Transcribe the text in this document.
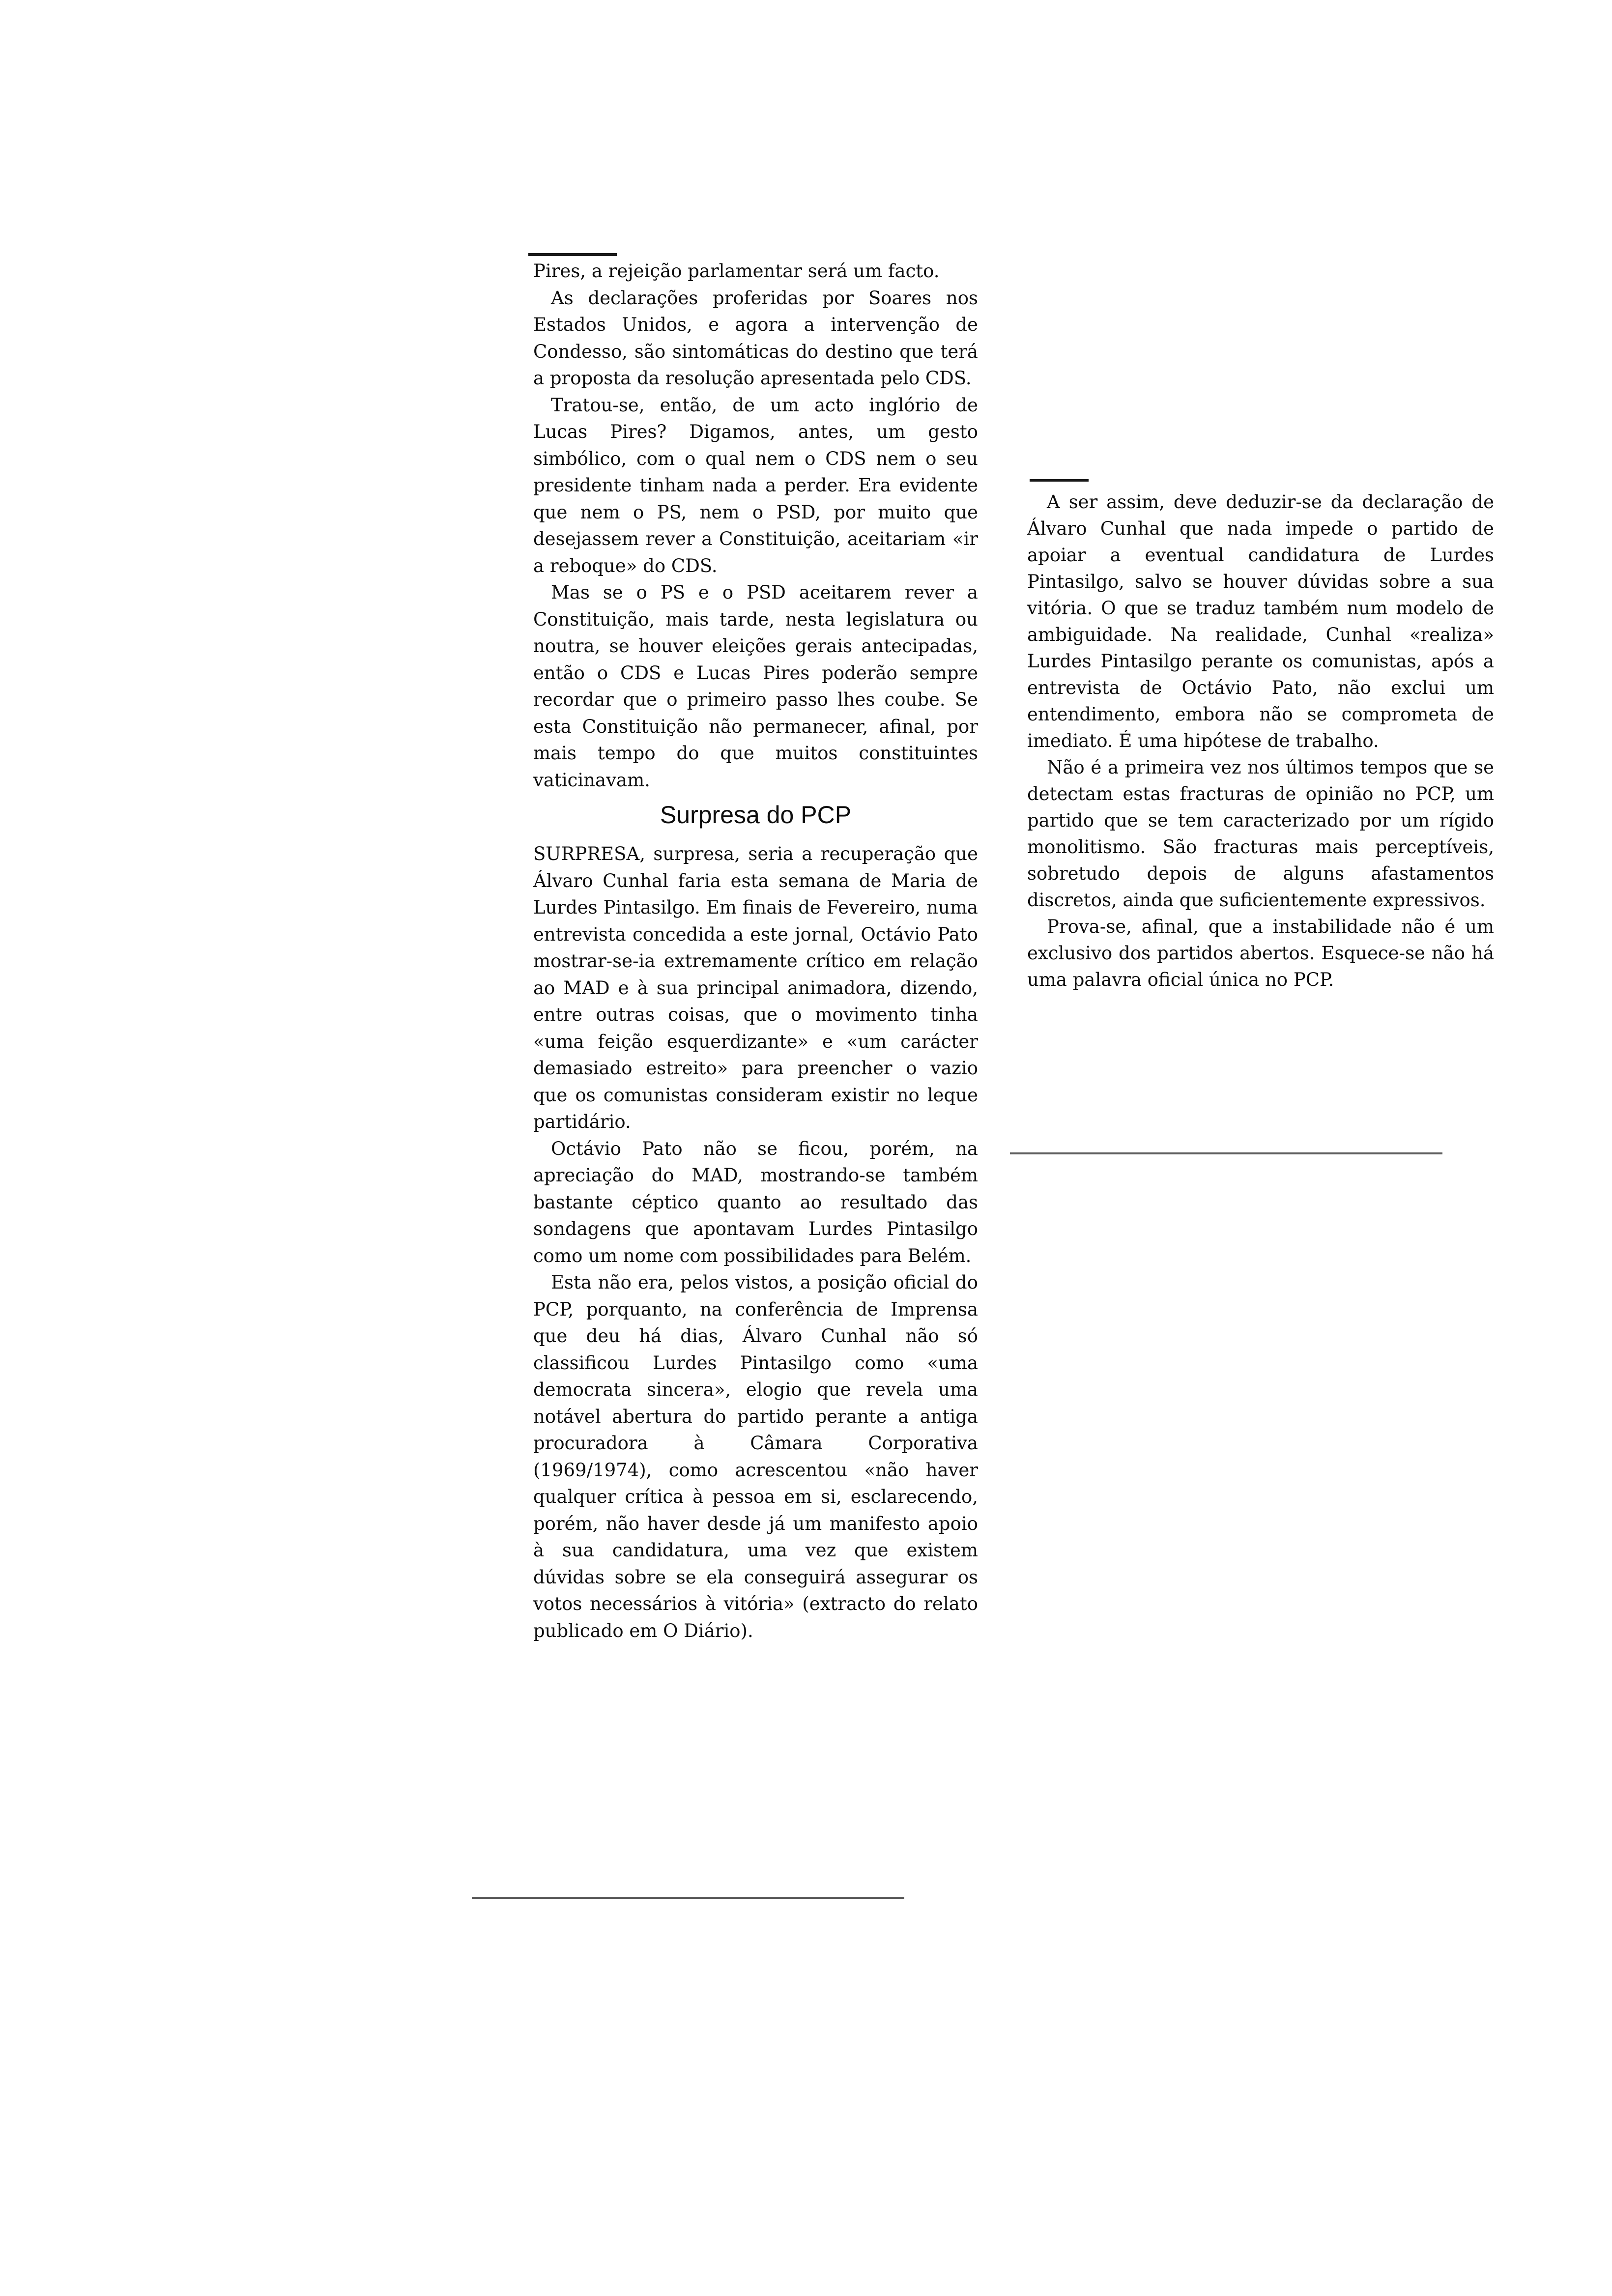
Pires, a rejeição parlamentar será um facto.

As declarações proferidas por Soares nos Estados Unidos, e agora a intervenção de Condesso, são sintomáticas do destino que terá a proposta da resolução apresentada pelo CDS.

Tratou-se, então, de um acto inglório de Lucas Pires? Digamos, antes, um gesto simbólico, com o qual nem o CDS nem o seu presidente tinham nada a perder. Era evidente que nem o PS, nem o PSD, por muito que desejassem rever a Constituição, aceitariam «ir a reboque» do CDS.

Mas se o PS e o PSD aceitarem rever a Constituição, mais tarde, nesta legislatura ou noutra, se houver eleições gerais antecipadas, então o CDS e Lucas Pires poderão sempre recordar que o primeiro passo lhes coube. Se esta Constituição não permanecer, afinal, por mais tempo do que muitos constituintes vaticinavam.

Surpresa do PCP

SURPRESA, surpresa, seria a recuperação que Álvaro Cunhal faria esta semana de Maria de Lurdes Pintasilgo. Em finais de Fevereiro, numa entrevista concedida a este jornal, Octávio Pato mostrar-se-ia extremamente crítico em relação ao MAD e à sua principal animadora, dizendo, entre outras coisas, que o movimento tinha «uma feição esquerdizante» e «um carácter demasiado estreito» para preencher o vazio que os comunistas consideram existir no leque partidário.

Octávio Pato não se ficou, porém, na apreciação do MAD, mostrando-se também bastante céptico quanto ao resultado das sondagens que apontavam Lurdes Pintasilgo como um nome com possibilidades para Belém.

Esta não era, pelos vistos, a posição oficial do PCP, porquanto, na conferência de Imprensa que deu há dias, Álvaro Cunhal não só classificou Lurdes Pintasilgo como «uma democrata sincera», elogio que revela uma notável abertura do partido perante a antiga procuradora à Câmara Corporativa (1969/1974), como acrescentou «não haver qualquer crítica à pessoa em si, esclarecendo, porém, não haver desde já um manifesto apoio à sua candidatura, uma vez que existem dúvidas sobre se ela conseguirá assegurar os votos necessários à vitória» (extracto do relato publicado em O Diário).

A ser assim, deve deduzir-se da declaração de Álvaro Cunhal que nada impede o partido de apoiar a eventual candidatura de Lurdes Pintasilgo, salvo se houver dúvidas sobre a sua vitória. O que se traduz também num modelo de ambiguidade. Na realidade, Cunhal «realiza» Lurdes Pintasilgo perante os comunistas, após a entrevista de Octávio Pato, não exclui um entendimento, embora não se comprometa de imediato. É uma hipótese de trabalho.

Não é a primeira vez nos últimos tempos que se detectam estas fracturas de opinião no PCP, um partido que se tem caracterizado por um rígido monolitismo. São fracturas mais perceptíveis, sobretudo depois de alguns afastamentos discretos, ainda que suficientemente expressivos.

Prova-se, afinal, que a instabilidade não é um exclusivo dos partidos abertos. Esquece-se não há uma palavra oficial única no PCP.
